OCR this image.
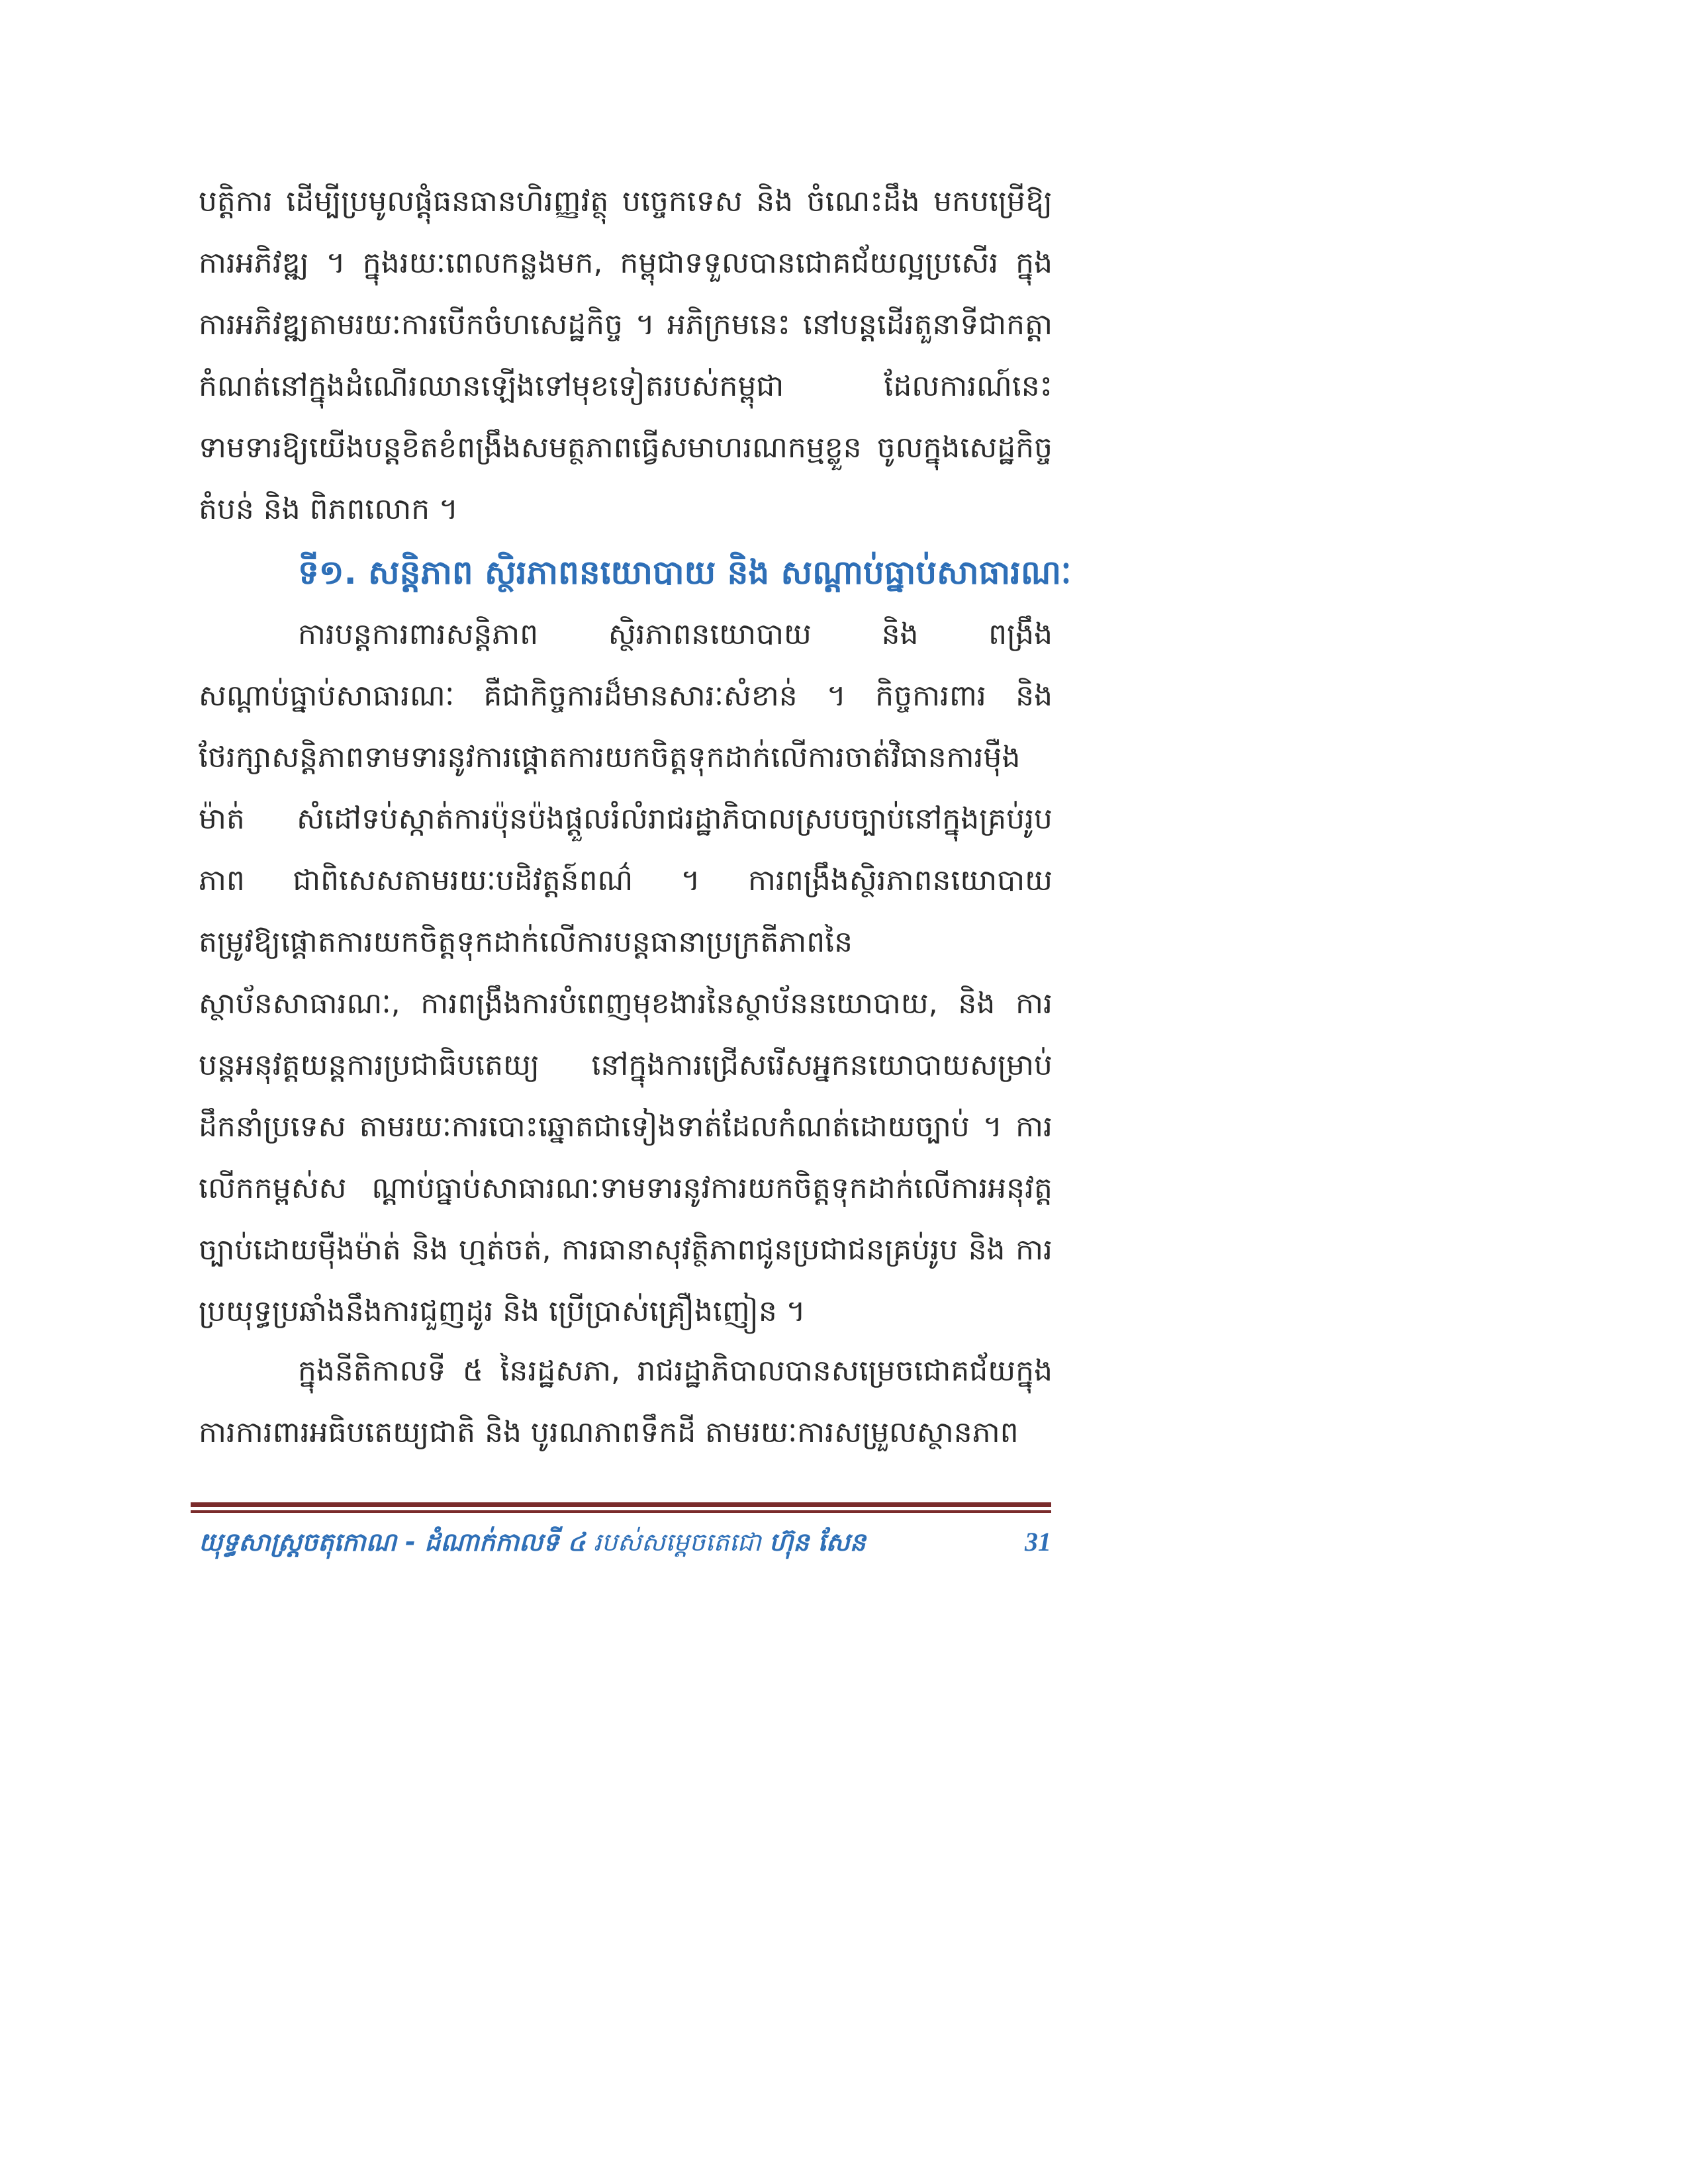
បត្តិការ ដើម្បីប្រមូលផ្តុំធនធានហិរញ្ញវត្ថុ បច្ចេកទេស និង ចំណេះដឹង មកបម្រើឱ្យការអភិវឌ្ឍ ។ ក្នុងរយៈពេលកន្លងមក, កម្ពុជាទទួលបានជោគជ័យល្អប្រសើរ ក្នុងការអភិវឌ្ឍតាមរយៈការបើកចំហសេដ្ឋកិច្ច ។ អភិក្រមនេះ នៅបន្តដើរតួនាទីជាកត្តាកំណត់នៅក្នុងដំណើរឈានឡើងទៅមុខទៀតរបស់កម្ពុជា ដែលការណ៍នេះទាមទារឱ្យយើងបន្តខិតខំពង្រឹងសមត្ថភាពធ្វើសមាហរណកម្មខ្លួន ចូលក្នុងសេដ្ឋកិច្ចតំបន់ និង ពិភពលោក ។

ទី១. សន្តិភាព ស្ថិរភាពនយោបាយ និង សណ្តាប់ធ្នាប់សាធារណៈ

ការបន្តការពារសន្តិភាព ស្ថិរភាពនយោបាយ និង ពង្រឹងសណ្តាប់ធ្នាប់សាធារណៈ គឺជាកិច្ចការដ៏មានសារៈសំខាន់ ។ កិច្ចការពារ និង ថែរក្សាសន្តិភាពទាមទារនូវការផ្តោតការយកចិត្តទុកដាក់លើការចាត់វិធានការម៉ឺងម៉ាត់ សំដៅទប់ស្កាត់ការប៉ុនប៉ងផ្តួលរំលំរាជរដ្ឋាភិបាលស្របច្បាប់នៅក្នុងគ្រប់រូបភាព ជាពិសេសតាមរយៈបដិវត្តន៍ពណ៌ ។ ការពង្រឹងស្ថិរភាពនយោបាយ តម្រូវឱ្យផ្តោតការយកចិត្តទុកដាក់លើការបន្តធានាប្រក្រតីភាពនៃស្ថាប័នសាធារណៈ, ការពង្រឹងការបំពេញមុខងារនៃស្ថាប័ននយោបាយ, និង ការបន្តអនុវត្តយន្តការប្រជាធិបតេយ្យ នៅក្នុងការជ្រើសរើសអ្នកនយោបាយសម្រាប់ដឹកនាំប្រទេស តាមរយៈការបោះឆ្នោតជាទៀងទាត់ដែលកំណត់ដោយច្បាប់ ។ ការលើកកម្ពស់ស ណ្តាប់ធ្នាប់សាធារណៈទាមទារនូវការយកចិត្តទុកដាក់លើការអនុវត្តច្បាប់ដោយម៉ឺងម៉ាត់ និង ហ្មត់ចត់, ការធានាសុវត្ថិភាពជូនប្រជាជនគ្រប់រូប និង ការប្រយុទ្ធប្រឆាំងនឹងការជួញដូរ និង ប្រើប្រាស់គ្រឿងញៀន ។

ក្នុងនីតិកាលទី ៥ នៃរដ្ឋសភា, រាជរដ្ឋាភិបាលបានសម្រេចជោគជ័យក្នុងការការពារអធិបតេយ្យជាតិ និង បូរណភាពទឹកដី តាមរយៈការសម្រួលស្ថានភាព

យុទ្ធសាស្ត្រចតុកោណ - ដំណាក់កាលទី ៤ របស់សម្តេចតេជោ ហ៊ុន សែន	31
